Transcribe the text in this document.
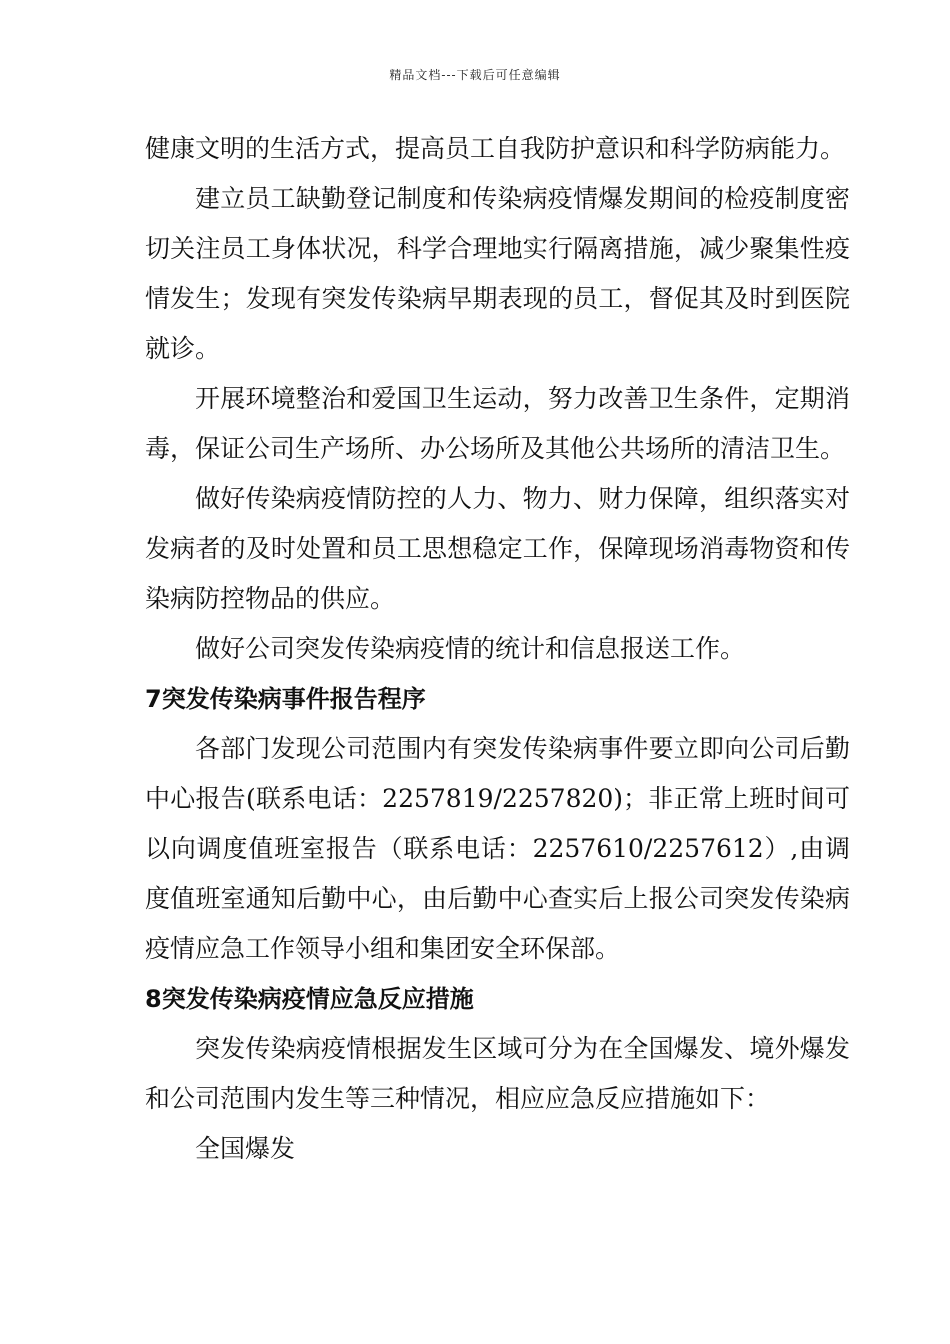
精品文档---下载后可任意编辑

健康文明的生活方式，提高员工自我防护意识和科学防病能力。

建立员工缺勤登记制度和传染病疫情爆发期间的检疫制度密切关注员工身体状况，科学合理地实行隔离措施，减少聚集性疫情发生；发现有突发传染病早期表现的员工，督促其及时到医院就诊。

开展环境整治和爱国卫生运动，努力改善卫生条件，定期消毒，保证公司生产场所、办公场所及其他公共场所的清洁卫生。

做好传染病疫情防控的人力、物力、财力保障，组织落实对发病者的及时处置和员工思想稳定工作，保障现场消毒物资和传染病防控物品的供应。

做好公司突发传染病疫情的统计和信息报送工作。

7突发传染病事件报告程序

各部门发现公司范围内有突发传染病事件要立即向公司后勤中心报告(联系电话：2257819/2257820)；非正常上班时间可以向调度值班室报告（联系电话：2257610/2257612）,由调度值班室通知后勤中心，由后勤中心查实后上报公司突发传染病疫情应急工作领导小组和集团安全环保部。

8突发传染病疫情应急反应措施

突发传染病疫情根据发生区域可分为在全国爆发、境外爆发和公司范围内发生等三种情况，相应应急反应措施如下：

全国爆发
